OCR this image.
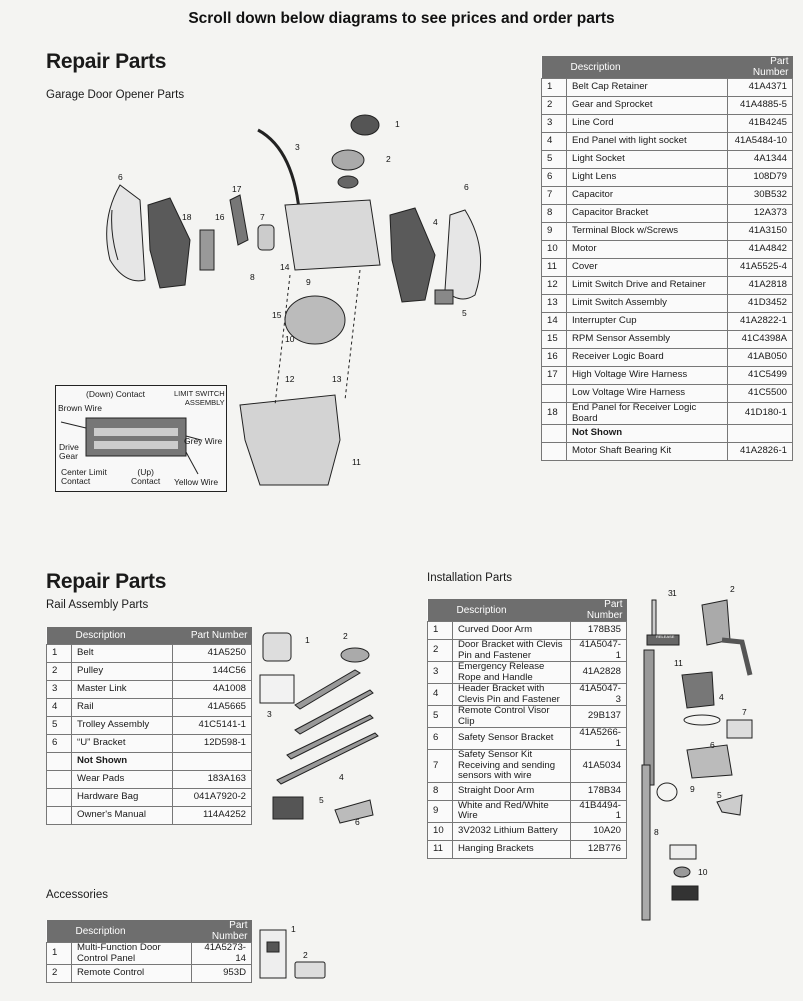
Scroll down below diagrams to see prices and order parts
Repair Parts
Garage Door Opener Parts
	Description	Part Number
1	Belt Cap Retainer	41A4371
2	Gear and Sprocket	41A4885-5
3	Line Cord	41B4245
4	End Panel with light socket	41A5484-10
5	Light Socket	4A1344
6	Light Lens	108D79
7	Capacitor	30B532
8	Capacitor Bracket	12A373
9	Terminal Block w/Screws	41A3150
10	Motor	41A4842
11	Cover	41A5525-4
12	Limit Switch Drive and Retainer	41A2818
13	Limit Switch Assembly	41D3452
14	Interrupter Cup	41A2822-1
15	RPM Sensor Assembly	41C4398A
16	Receiver Logic Board	41AB050
17	High Voltage Wire Harness	41C5499
	Low Voltage Wire Harness	41C5500
18	End Panel for Receiver Logic Board	41D180-1
	Not Shown	
	Motor Shaft Bearing Kit	41A2826-1
1
2
3
4
5
6
6
7
8	9
10
11
12	13
14
15
16
17
18
(Down) Contact	LIMIT SWITCH
ASSEMBLY
Brown Wire
Grey Wire
Drive
Gear
Center Limit
Contact
(Up)
Contact Yellow Wire
Repair Parts
Rail Assembly Parts
	Description	Part Number
1	Belt	41A5250
2	Pulley	144C56
3	Master Link	4A1008
4	Rail	41A5665
5	Trolley Assembly	41C5141-1
6	“U” Bracket	12D598-1
	Not Shown	
	Wear Pads	183A163
	Hardware Bag	041A7920-2
	Owner's Manual	114A4252
1	2
3
4
5
6
Installation Parts
	Description	Part Number
1	Curved Door Arm	178B35
2	Door Bracket with Clevis Pin and Fastener	41A5047-1
3	Emergency Release Rope and Handle	41A2828
4	Header Bracket with Clevis Pin and Fastener	41A5047-3
5	Remote Control Visor Clip	29B137
6	Safety Sensor Bracket	41A5266-1
7	Safety Sensor Kit Receiving and sending sensors with wire	41A5034
8	Straight Door Arm	178B34
9	White and Red/White Wire	41B4494-1
10	3V2032 Lithium Battery	10A20
11	Hanging Brackets	12B776
RELEASE
1	2
3
4
5
6
7
8
9
10
11
Accessories
	Description	Part Number
1	Multi-Function Door Control Panel	41A5273-14
2	Remote Control	953D
1
2
